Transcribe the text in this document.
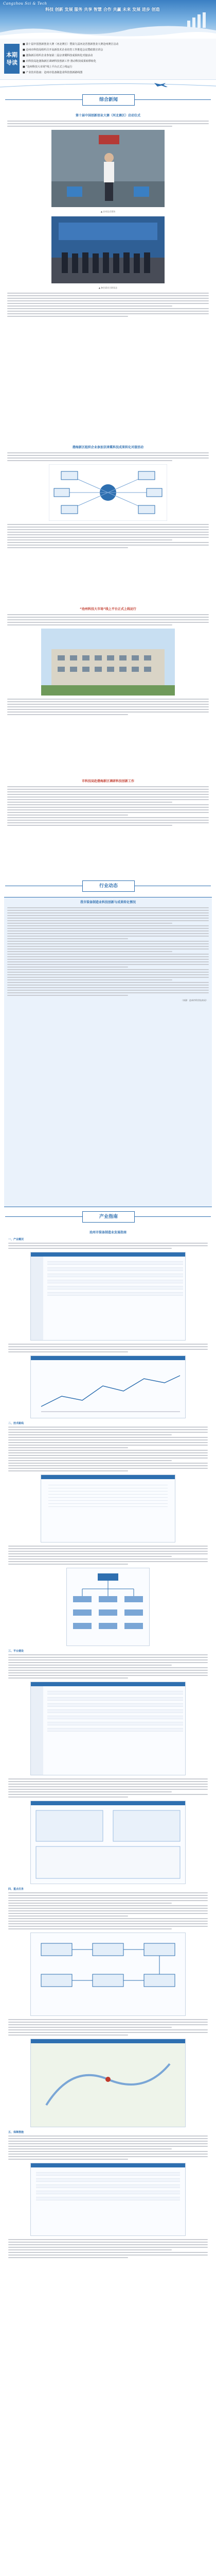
Cangzhou Sci & Tech
科技 创新 发展 服务 共享 智慧 合作 共赢 未来 发展 进步 创造
本期导读
■ 第十届中国创新创业大赛（河北赛区）暨第九届河北省创新创业大赛沧州赛区启动
■ 沧州市科技局组织召开高新技术企业培育工作推进会议暨政策宣讲会
■ 渤海新区组织企业参加第二届京津冀科技成果转化对接活动
■ 市科技局赴渤海新区调研科技创新工作 推动科技成果转移转化
■ “沧州科技大市场”线上平台正式上线运行
■ 产业技术指南：沧州市装备制造业科技创新路线图
综合新闻
第十届中国创新创业大赛（河北赛区）启动仪式
▲ 启动仪式现场
▲ 参会嘉宾合影留念
渤海新区组织企业参加京津冀科技成果转化对接活动
“沧州科技大市场”线上平台正式上线运行
市科技局赴渤海新区调研科技创新工作
行业动态
我市装备制造业科技创新与成果转化情况
（来源：沧州市科学技术局）
产业指南
沧州市装备制造业发展指南
一、产业概况
二、技术路线
三、平台建设
四、重点任务
五、保障措施
